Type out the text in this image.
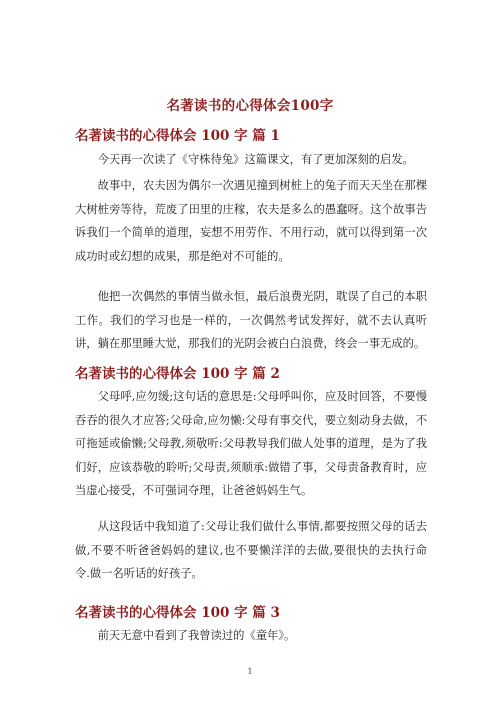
名著读书的心得体会100字
名著读书的心得体会 100 字 篇 1

今天再一次读了《守株待兔》这篇课文，有了更加深刻的启发。

故事中，农夫因为偶尔一次遇见撞到树桩上的兔子而天天坐在那棵大树桩旁等待，荒废了田里的庄稼，农夫是多么的愚蠢呀。这个故事告诉我们一个简单的道理，妄想不用劳作、不用行动，就可以得到第一次成功时或幻想的成果，那是绝对不可能的。

他把一次偶然的事情当做永恒，最后浪费光阴，耽误了自己的本职工作。我们的学习也是一样的，一次偶然考试发挥好，就不去认真听讲，躺在那里睡大觉，那我们的光阴会被白白浪费，终会一事无成的。

名著读书的心得体会 100 字 篇 2

父母呼,应勿缓;这句话的意思是:父母呼叫你，应及时回答，不要慢吞吞的很久才应答;父母命,应勿懒:父母有事交代，要立刻动身去做，不可拖延或偷懒;父母教,须敬听:父母教导我们做人处事的道理，是为了我们好，应该恭敬的聆听;父母责,须顺承:做错了事，父母责备教育时，应当虚心接受，不可强词夺理，让爸爸妈妈生气。

从这段话中我知道了:父母让我们做什么事情,都要按照父母的话去做,不要不听爸爸妈妈的建议,也不要懒洋洋的去做,要很快的去执行命令.做一名听话的好孩子。

名著读书的心得体会 100 字 篇 3

前天无意中看到了我曾读过的《童年》。

1
